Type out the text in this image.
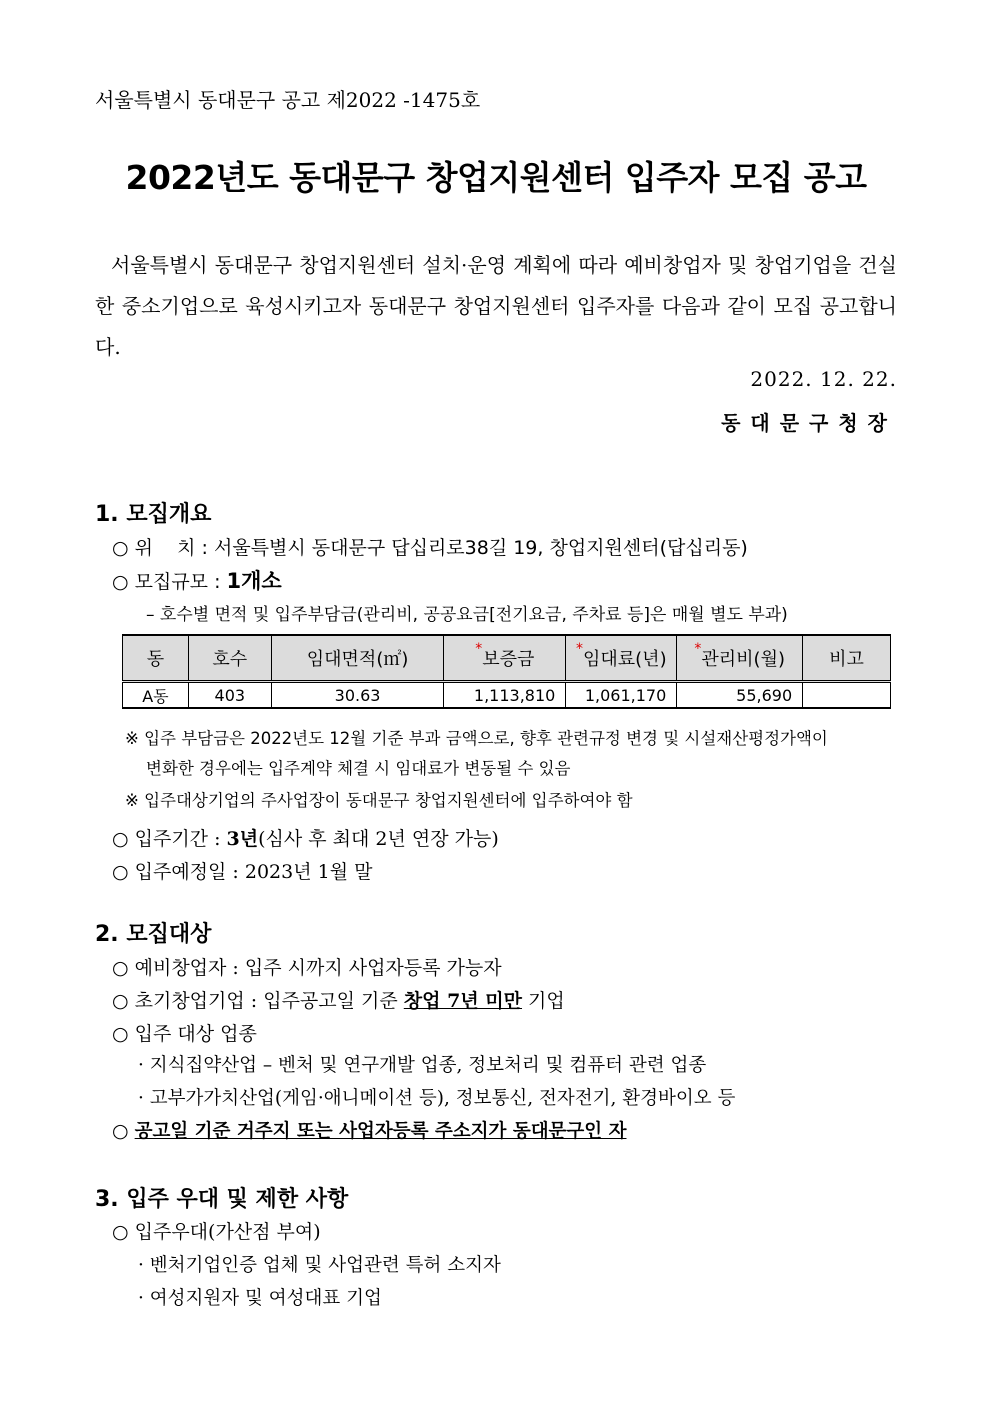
서울특별시 동대문구 공고 제2022 -1475호
2022년도 동대문구 창업지원센터 입주자 모집 공고
서울특별시 동대문구 창업지원센터 설치·운영 계획에 따라 예비창업자 및 창업기업을 건실한 중소기업으로 육성시키고자 동대문구 창업지원센터 입주자를 다음과 같이 모집 공고합니다.
2022. 12. 22.
동대문구청장
1. 모집개요
○ 위    치 : 서울특별시 동대문구 답십리로38길 19, 창업지원센터(답십리동)
○ 모집규모 : 1개소
– 호수별 면적 및 입주부담금(관리비, 공공요금[전기요금, 주차료 등]은 매월 별도 부과)
동	호수	임대면적(㎡)	*보증금	*임대료(년)	*관리비(월)	비고
A동	403	30.63	1,113,810	1,061,170	55,690	
※ 입주 부담금은 2022년도 12월 기준 부과 금액으로, 향후 관련규정 변경 및 시설재산평정가액이
변화한 경우에는 입주계약 체결 시 임대료가 변동될 수 있음
※ 입주대상기업의 주사업장이 동대문구 창업지원센터에 입주하여야 함
○ 입주기간 : 3년(심사 후 최대 2년 연장 가능)
○ 입주예정일 : 2023년 1월 말
2. 모집대상
○ 예비창업자 : 입주 시까지 사업자등록 가능자
○ 초기창업기업 : 입주공고일 기준 창업 7년 미만 기업
○ 입주 대상 업종
· 지식집약산업 – 벤처 및 연구개발 업종, 정보처리 및 컴퓨터 관련 업종
· 고부가가치산업(게임·애니메이션 등), 정보통신, 전자전기, 환경바이오 등
○ 공고일 기준 거주지 또는 사업자등록 주소지가 동대문구인 자
3. 입주 우대 및 제한 사항
○ 입주우대(가산점 부여)
· 벤처기업인증 업체 및 사업관련 특허 소지자
· 여성지원자 및 여성대표 기업
